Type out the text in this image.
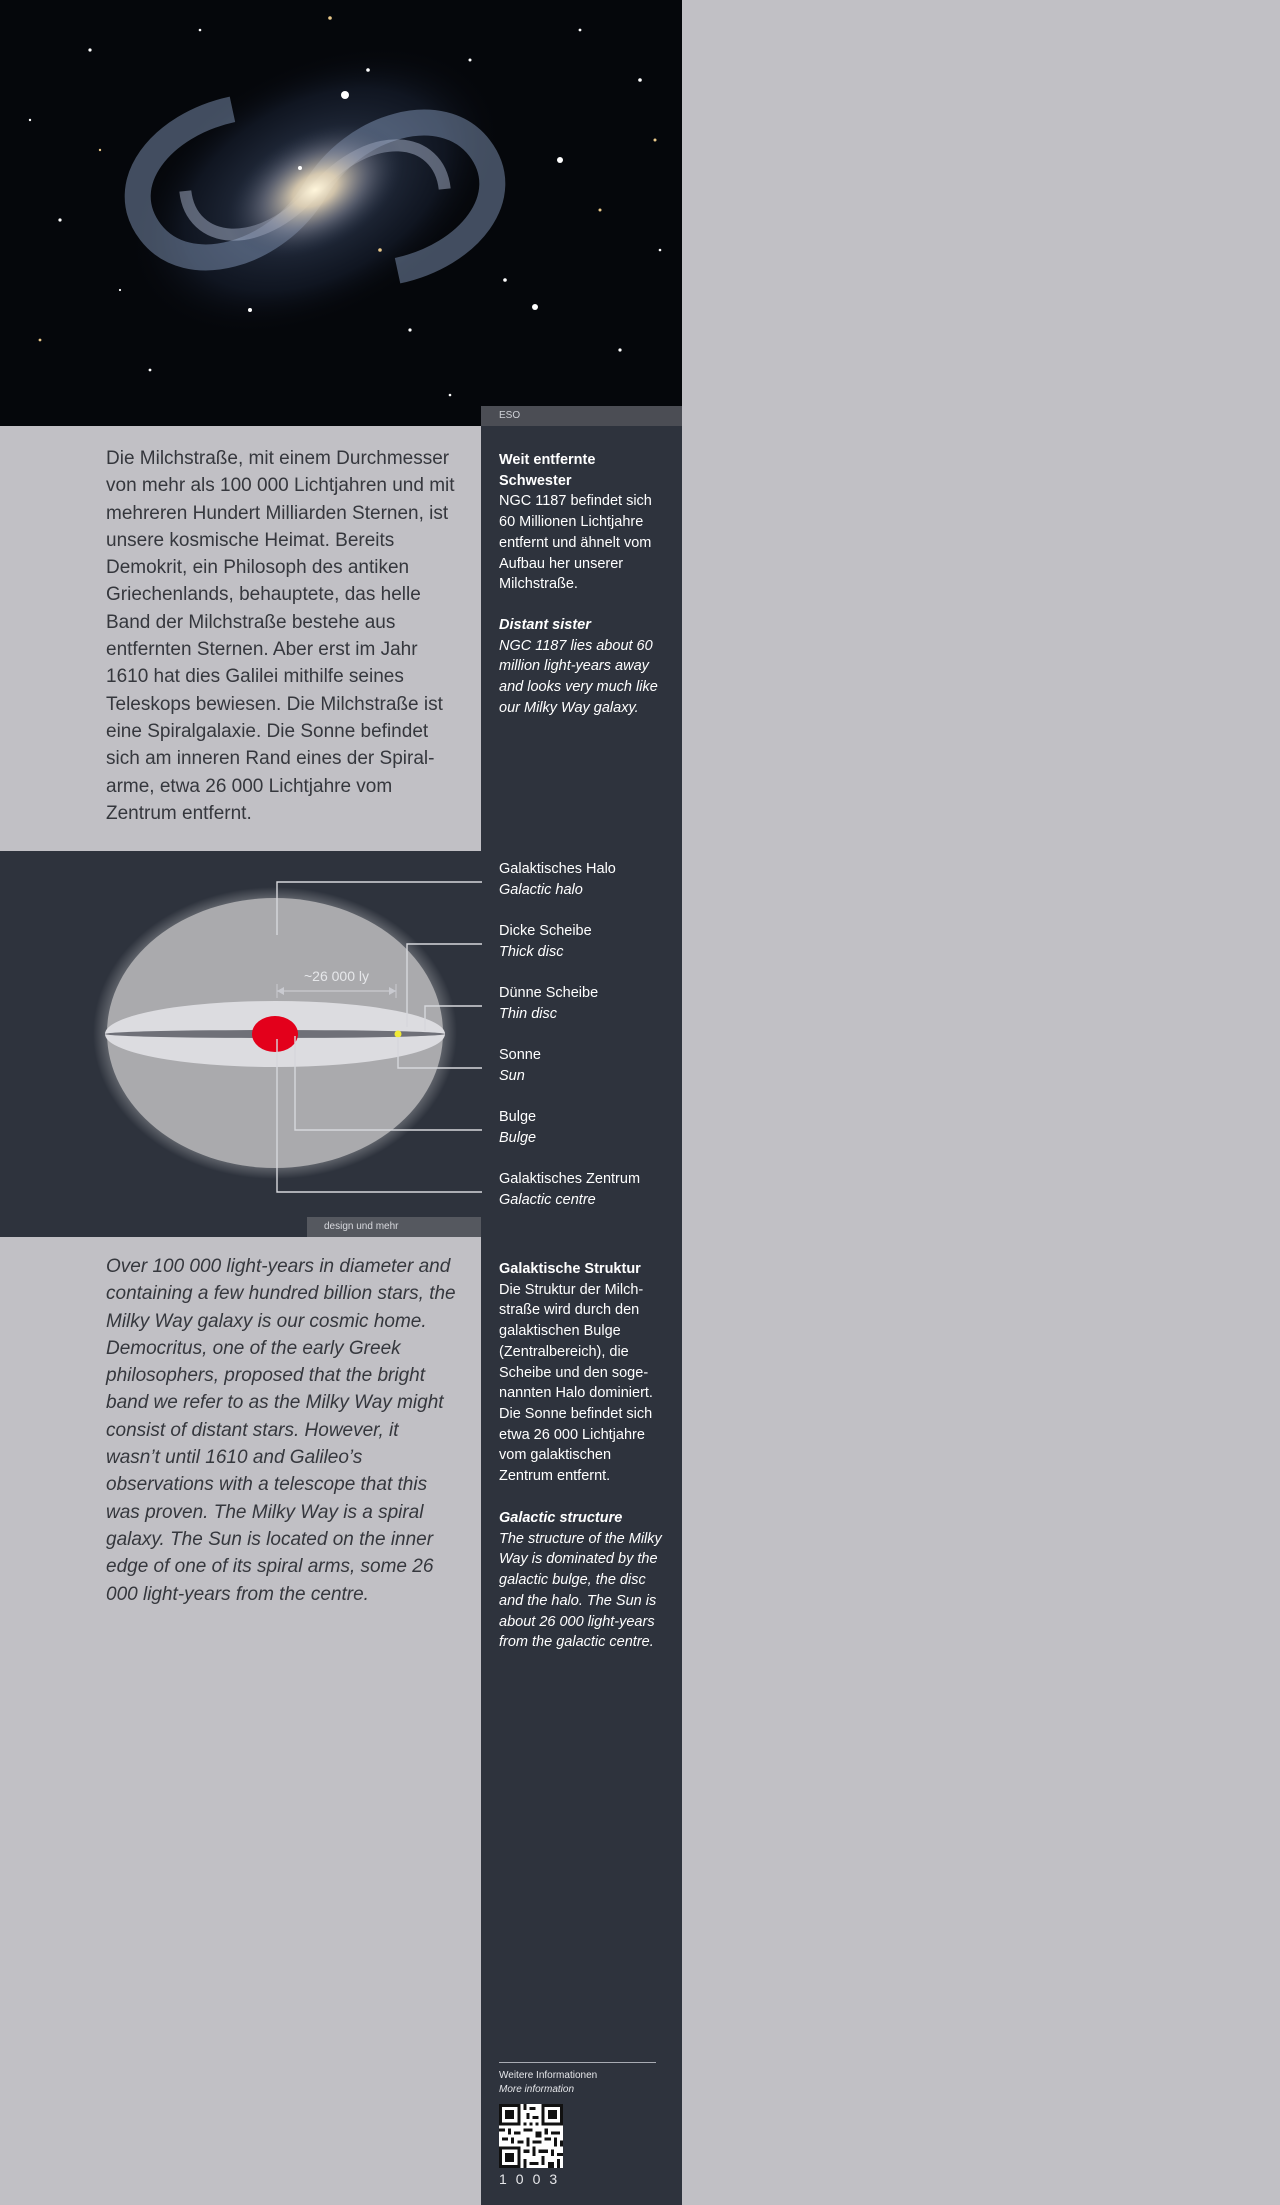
ESO

Die Milchstraße, mit einem Durchmesser von mehr als 100 000 Lichtjahren und mit mehreren Hundert Milliarden Sternen, ist unsere kosmische Heimat. Bereits Demokrit, ein Philosoph des antiken Griechenlands, behauptete, das helle Band der Milchstraße bestehe aus entfernten Sternen. Aber erst im Jahr 1610 hat dies Galilei mithilfe seines Teleskops bewiesen. Die Milchstraße ist eine Spiralgalaxie. Die Sonne befindet sich am inneren Rand eines der Spiralarme, etwa 26 000 Lichtjahre vom Zentrum entfernt.

Weit entfernte Schwester
NGC 1187 befindet sich 60 Millionen Lichtjahre entfernt und ähnelt vom Aufbau her unserer Milchstraße.
Distant sister
NGC 1187 lies about 60 million light-years away and looks very much like our Milky Way galaxy.
~26 000 ly
Galaktisches Halo
Galactic halo
Dicke Scheibe
Thick disc
Dünne Scheibe
Thin disc
Sonne
Sun
Bulge
Bulge
Galaktisches Zentrum
Galactic centre
design und mehr

Over 100 000 light-years in diameter and containing a few hundred billion stars, the Milky Way galaxy is our cosmic home. Democritus, one of the early Greek philosophers, proposed that the bright band we refer to as the Milky Way might consist of distant stars. However, it wasn’t until 1610 and Galileo’s observations with a telescope that this was proven. The Milky Way is a spiral galaxy. The Sun is located on the inner edge of one of its spiral arms, some 26 000 light-years from the centre.

Galaktische Struktur
Die Struktur der Milchstraße wird durch den galaktischen Bulge (Zentralbereich), die Scheibe und den sogenannten Halo dominiert. Die Sonne befindet sich etwa 26 000 Lichtjahre vom galaktischen Zentrum entfernt.
Galactic structure
The structure of the Milky Way is dominated by the galactic bulge, the disc and the halo. The Sun is about 26 000 light-years from the galactic centre.
Weitere Informationen
More information
1003
